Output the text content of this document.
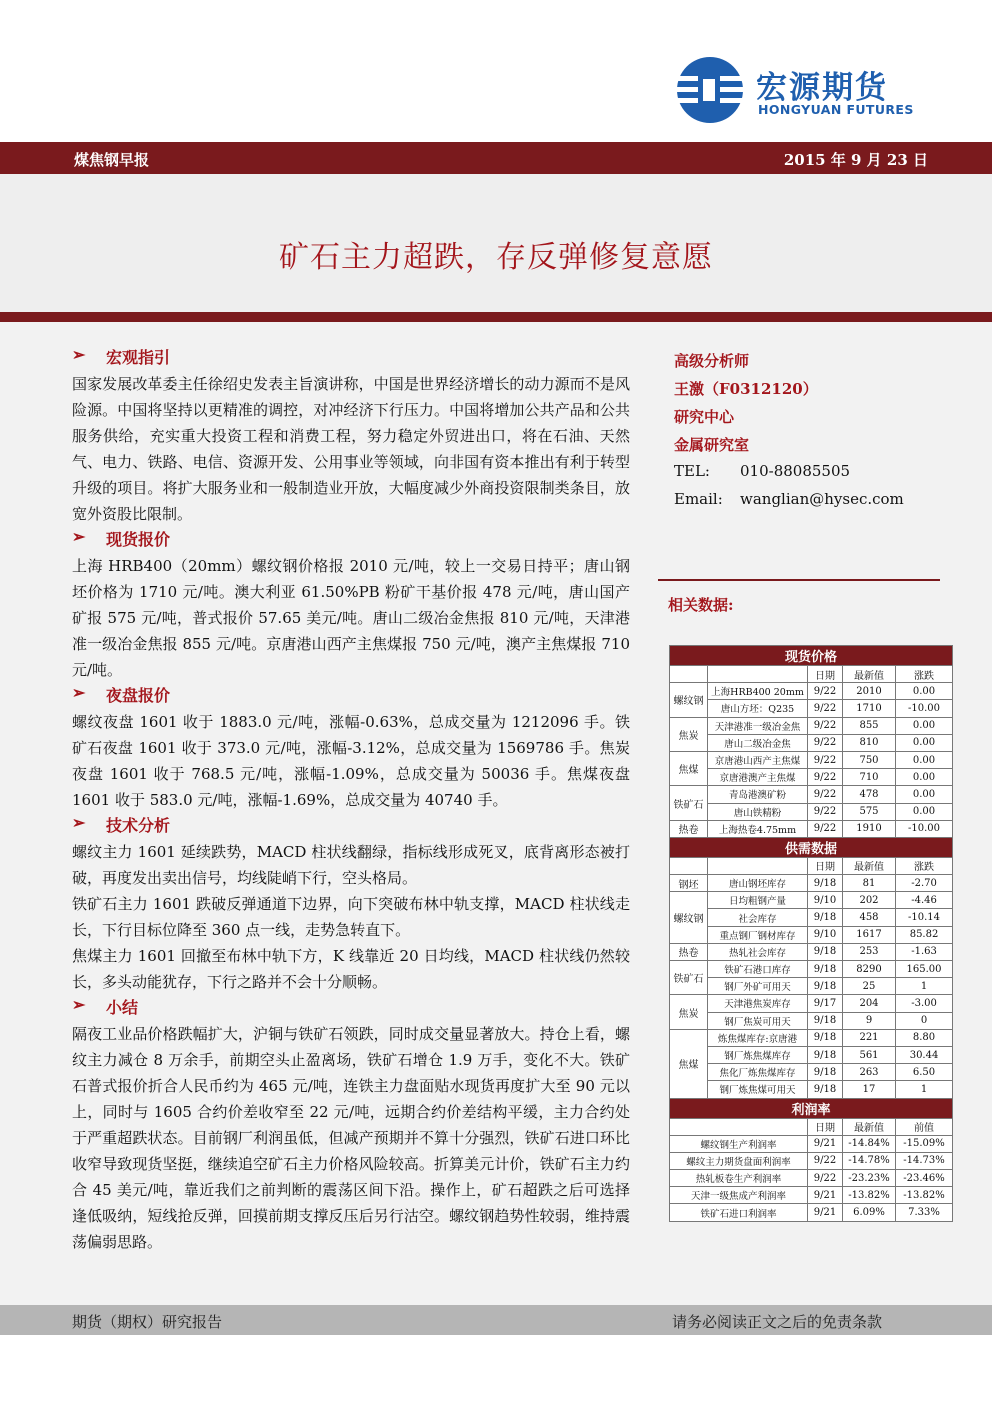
宏源期货
HONGYUAN FUTURES
煤焦钢早报	2015 年 9 月 23 日
矿石主力超跌，存反弹修复意愿
➢ 宏观指引

国家发展改革委主任徐绍史发表主旨演讲称，中国是世界经济增长的动力源而不是风险源。中国将坚持以更精准的调控，对冲经济下行压力。中国将增加公共产品和公共服务供给，充实重大投资工程和消费工程，努力稳定外贸进出口，将在石油、天然气、电力、铁路、电信、资源开发、公用事业等领域，向非国有资本推出有利于转型升级的项目。将扩大服务业和一般制造业开放，大幅度减少外商投资限制类条目，放宽外资股比限制。

➢ 现货报价

上海 HRB400（20mm）螺纹钢价格报 2010 元/吨，较上一交易日持平；唐山钢坯价格为 1710 元/吨。澳大利亚 61.50%PB 粉矿干基价报 478 元/吨，唐山国产矿报 575 元/吨，普式报价 57.65 美元/吨。唐山二级冶金焦报 810 元/吨，天津港准一级冶金焦报 855 元/吨。京唐港山西产主焦煤报 750 元/吨，澳产主焦煤报 710 元/吨。

➢ 夜盘报价

螺纹夜盘 1601 收于 1883.0 元/吨，涨幅-0.63%，总成交量为 1212096 手。铁矿石夜盘 1601 收于 373.0 元/吨，涨幅-3.12%，总成交量为 1569786 手。焦炭夜盘 1601 收于 768.5 元/吨，涨幅-1.09%，总成交量为 50036 手。焦煤夜盘 1601 收于 583.0 元/吨，涨幅-1.69%，总成交量为 40740 手。

➢ 技术分析

螺纹主力 1601 延续跌势，MACD 柱状线翻绿，指标线形成死叉，底背离形态被打破，再度发出卖出信号，均线陡峭下行，空头格局。

铁矿石主力 1601 跌破反弹通道下边界，向下突破布林中轨支撑，MACD 柱状线走长，下行目标位降至 360 点一线，走势急转直下。

焦煤主力 1601 回撤至布林中轨下方，K 线靠近 20 日均线，MACD 柱状线仍然较长，多头动能犹存，下行之路并不会十分顺畅。

➢ 小结

隔夜工业品价格跌幅扩大，沪铜与铁矿石领跌，同时成交量显著放大。持仓上看，螺纹主力减仓 8 万余手，前期空头止盈离场，铁矿石增仓 1.9 万手，变化不大。铁矿石普式报价折合人民币约为 465 元/吨，连铁主力盘面贴水现货再度扩大至 90 元以上，同时与 1605 合约价差收窄至 22 元/吨，远期合约价差结构平缓，主力合约处于严重超跌状态。目前钢厂利润虽低，但减产预期并不算十分强烈，铁矿石进口环比收窄导致现货坚挺，继续追空矿石主力价格风险较高。折算美元计价，铁矿石主力约合 45 美元/吨，靠近我们之前判断的震荡区间下沿。操作上，矿石超跌之后可选择逢低吸纳，短线抢反弹，回摸前期支撑反压后另行沽空。螺纹钢趋势性较弱，维持震荡偏弱思路。

高级分析师
王激（F0312120）
研究中心
金属研究室
TEL: 010-88085505
Email: wanglian@hysec.com
相关数据:
现货价格				
		日期	最新值	涨跌
螺纹钢	上海HRB400 20mm	9/22	2010	0.00
	唐山方坯：Q235	9/22	1710	-10.00
焦炭	天津港准一级冶金焦	9/22	855	0.00
	唐山二级冶金焦	9/22	810	0.00
焦煤	京唐港山西产主焦煤	9/22	750	0.00
	京唐港澳产主焦煤	9/22	710	0.00
铁矿石	青岛港澳矿粉	9/22	478	0.00
	唐山铁精粉	9/22	575	0.00
热卷	上海热卷4.75mm	9/22	1910	-10.00
供需数据				
		日期	最新值	涨跌
钢坯	唐山钢坯库存	9/18	81	-2.70
螺纹钢	日均粗钢产量	9/10	202	-4.46
	社会库存	9/18	458	-10.14
	重点钢厂钢材库存	9/10	1617	85.82
热卷	热轧社会库存	9/18	253	-1.63
铁矿石	铁矿石港口库存	9/18	8290	165.00
	钢厂外矿可用天	9/18	25	1
焦炭	天津港焦炭库存	9/17	204	-3.00
	钢厂焦炭可用天	9/18	9	0
焦煤	炼焦煤库存:京唐港	9/18	221	8.80
	钢厂炼焦煤库存	9/18	561	30.44
	焦化厂炼焦煤库存	9/18	263	6.50
	钢厂炼焦煤可用天	9/18	17	1
利润率				
		日期	最新值	前值
螺纹钢生产利润率		9/21	-14.84%	-15.09%
螺纹主力期货盘面利润率		9/22	-14.78%	-14.73%
热轧板卷生产利润率		9/22	-23.23%	-23.46%
天津一级焦成产利润率		9/21	-13.82%	-13.82%
铁矿石进口利润率		9/21	6.09%	7.33%
期货（期权）研究报告	请务必阅读正文之后的免责条款
